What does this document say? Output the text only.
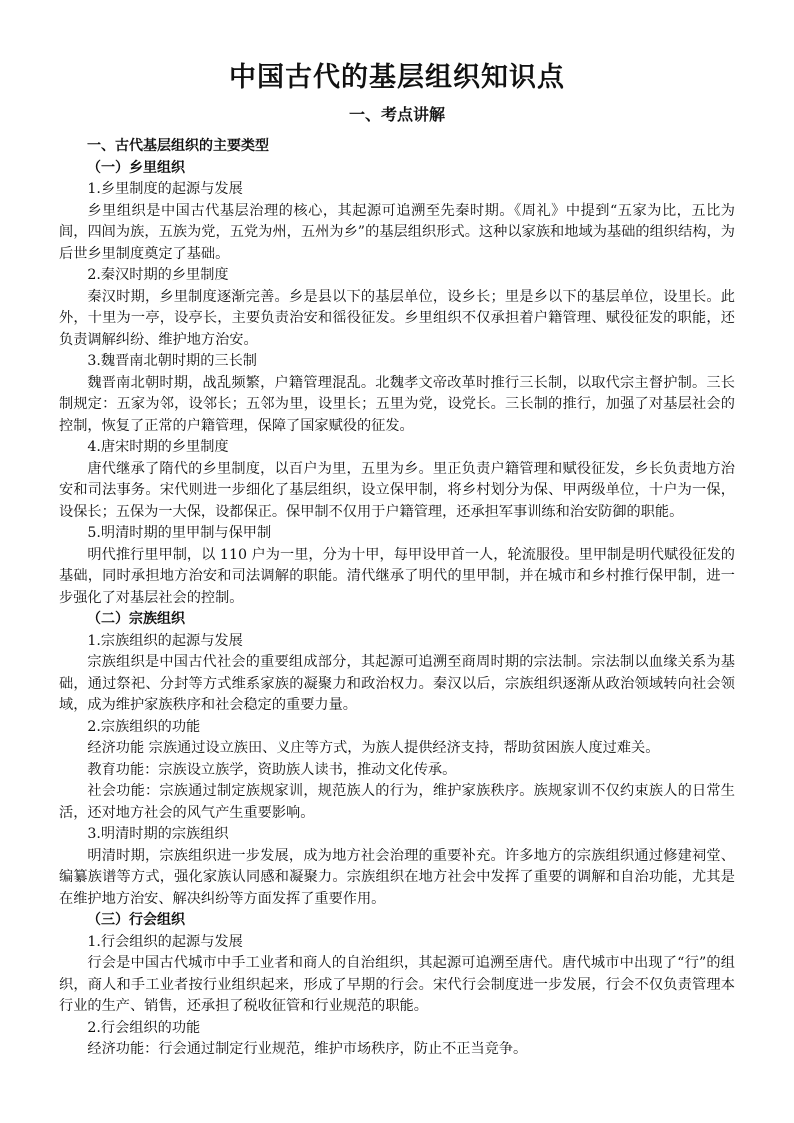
中国古代的基层组织知识点
一、考点讲解

一、古代基层组织的主要类型

（一）乡里组织

1.乡里制度的起源与发展

乡里组织是中国古代基层治理的核心，其起源可追溯至先秦时期。《周礼》中提到“五家为比，五比为闾，四闾为族，五族为党，五党为州，五州为乡”的基层组织形式。这种以家族和地域为基础的组织结构，为后世乡里制度奠定了基础。

2.秦汉时期的乡里制度

秦汉时期，乡里制度逐渐完善。乡是县以下的基层单位，设乡长；里是乡以下的基层单位，设里长。此外，十里为一亭，设亭长，主要负责治安和徭役征发。乡里组织不仅承担着户籍管理、赋役征发的职能，还负责调解纠纷、维护地方治安。

3.魏晋南北朝时期的三长制

魏晋南北朝时期，战乱频繁，户籍管理混乱。北魏孝文帝改革时推行三长制，以取代宗主督护制。三长制规定：五家为邻，设邻长；五邻为里，设里长；五里为党，设党长。三长制的推行，加强了对基层社会的控制，恢复了正常的户籍管理，保障了国家赋役的征发。

4.唐宋时期的乡里制度

唐代继承了隋代的乡里制度，以百户为里，五里为乡。里正负责户籍管理和赋役征发，乡长负责地方治安和司法事务。宋代则进一步细化了基层组织，设立保甲制，将乡村划分为保、甲两级单位，十户为一保，设保长；五保为一大保，设都保正。保甲制不仅用于户籍管理，还承担军事训练和治安防御的职能。

5.明清时期的里甲制与保甲制

明代推行里甲制，以 110 户为一里，分为十甲，每甲设甲首一人，轮流服役。里甲制是明代赋役征发的基础，同时承担地方治安和司法调解的职能。清代继承了明代的里甲制，并在城市和乡村推行保甲制，进一步强化了对基层社会的控制。

（二）宗族组织

1.宗族组织的起源与发展

宗族组织是中国古代社会的重要组成部分，其起源可追溯至商周时期的宗法制。宗法制以血缘关系为基础，通过祭祀、分封等方式维系家族的凝聚力和政治权力。秦汉以后，宗族组织逐渐从政治领域转向社会领域，成为维护家族秩序和社会稳定的重要力量。

2.宗族组织的功能

经济功能 宗族通过设立族田、义庄等方式，为族人提供经济支持，帮助贫困族人度过难关。

教育功能：宗族设立族学，资助族人读书，推动文化传承。

社会功能：宗族通过制定族规家训，规范族人的行为，维护家族秩序。族规家训不仅约束族人的日常生活，还对地方社会的风气产生重要影响。

3.明清时期的宗族组织

明清时期，宗族组织进一步发展，成为地方社会治理的重要补充。许多地方的宗族组织通过修建祠堂、编纂族谱等方式，强化家族认同感和凝聚力。宗族组织在地方社会中发挥了重要的调解和自治功能，尤其是在维护地方治安、解决纠纷等方面发挥了重要作用。

（三）行会组织

1.行会组织的起源与发展

行会是中国古代城市中手工业者和商人的自治组织，其起源可追溯至唐代。唐代城市中出现了“行”的组织，商人和手工业者按行业组织起来，形成了早期的行会。宋代行会制度进一步发展，行会不仅负责管理本行业的生产、销售，还承担了税收征管和行业规范的职能。

2.行会组织的功能

经济功能：行会通过制定行业规范，维护市场秩序，防止不正当竞争。
